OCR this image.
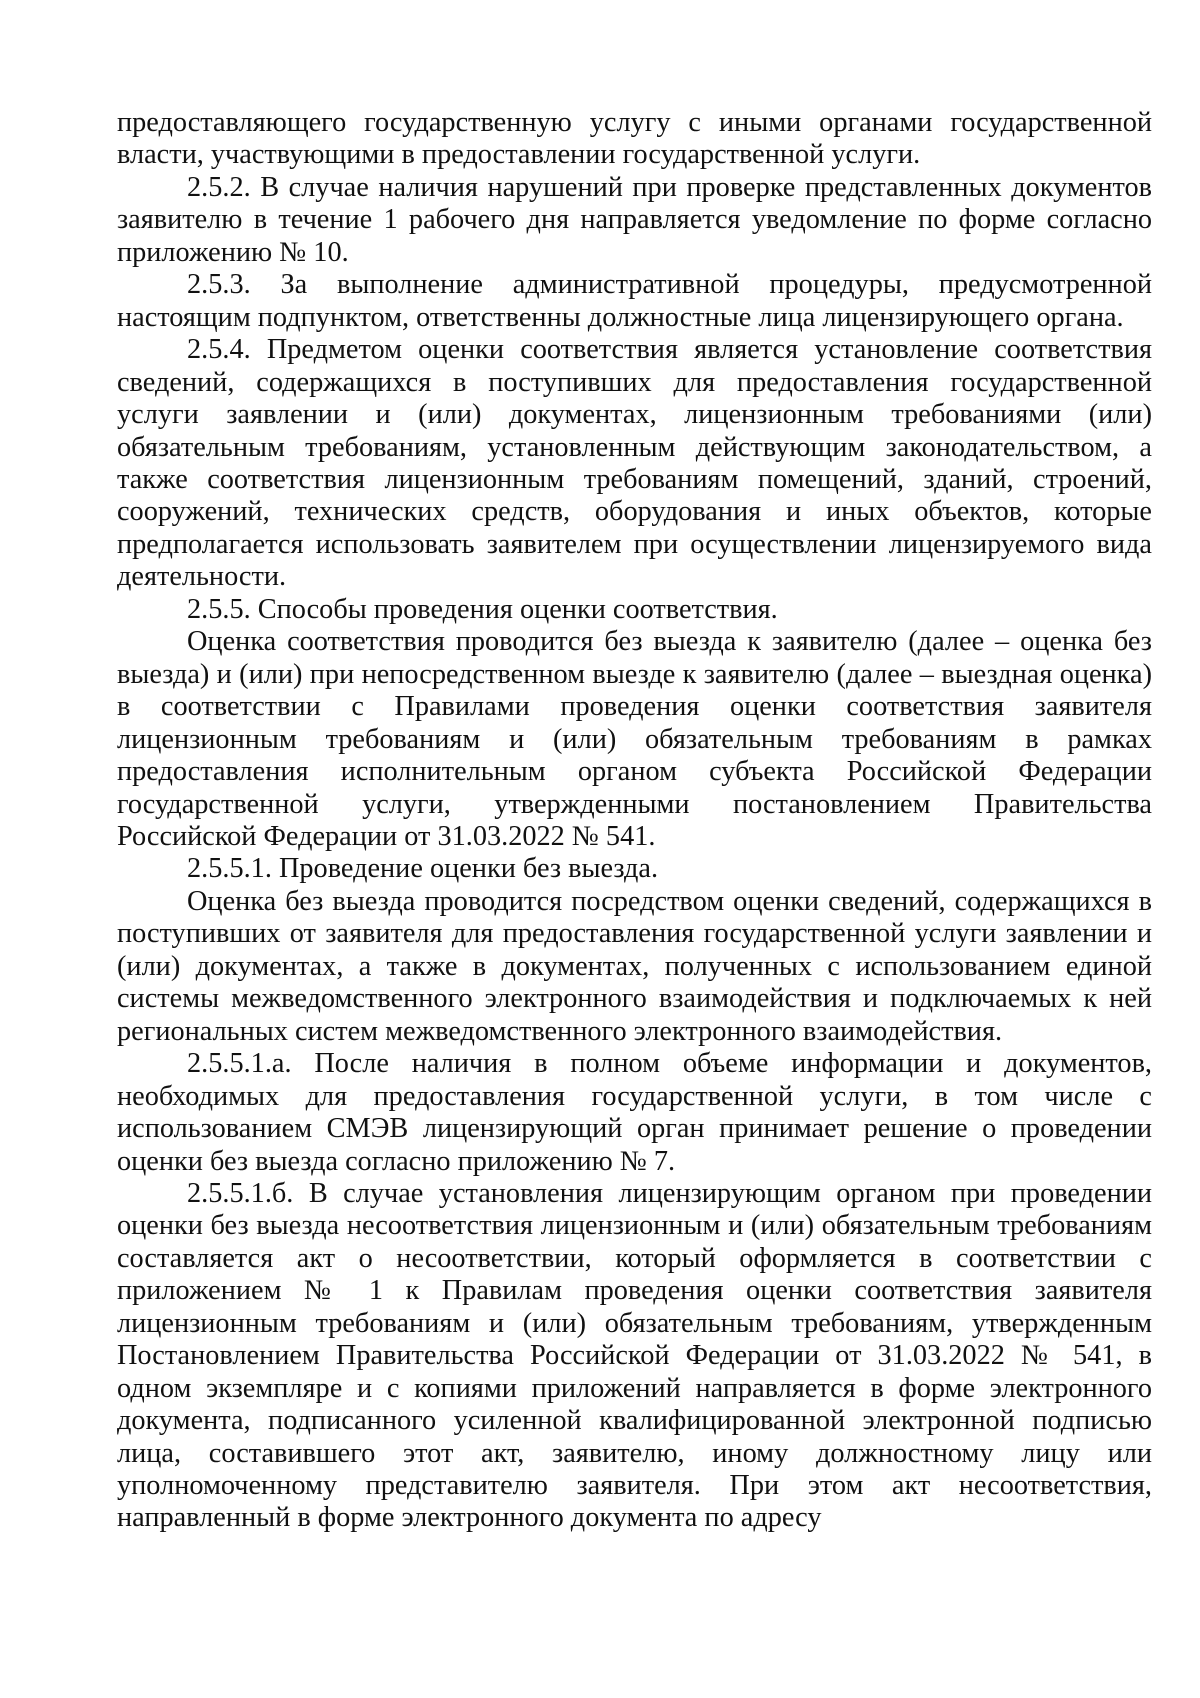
предоставляющего государственную услугу с иными органами государственной власти, участвующими в предоставлении государственной услуги.

2.5.2. В случае наличия нарушений при проверке представленных документов заявителю в течение 1 рабочего дня направляется уведомление по форме согласно приложению № 10.

2.5.3. За выполнение административной процедуры, предусмотренной настоящим подпунктом, ответственны должностные лица лицензирующего органа.

2.5.4. Предметом оценки соответствия является установление соответствия сведений, содержащихся в поступивших для предоставления государственной услуги заявлении и (или) документах, лицензионным требованиями (или) обязательным требованиям, установленным действующим законодательством, а также соответствия лицензионным требованиям помещений, зданий, строений, сооружений, технических средств, оборудования и иных объектов, которые предполагается использовать заявителем при осуществлении лицензируемого вида деятельности.

2.5.5. Способы проведения оценки соответствия.

Оценка соответствия проводится без выезда к заявителю (далее – оценка без выезда) и (или) при непосредственном выезде к заявителю (далее – выездная оценка) в соответствии с Правилами проведения оценки соответствия заявителя лицензионным требованиям и (или) обязательным требованиям в рамках предоставления исполнительным органом субъекта Российской Федерации государственной услуги, утвержденными постановлением Правительства Российской Федерации от 31.03.2022 № 541.

2.5.5.1. Проведение оценки без выезда.

Оценка без выезда проводится посредством оценки сведений, содержащихся в поступивших от заявителя для предоставления государственной услуги заявлении и (или) документах, а также в документах, полученных с использованием единой системы межведомственного электронного взаимодействия и подключаемых к ней региональных систем межведомственного электронного взаимодействия.

2.5.5.1.а. После наличия в полном объеме информации и документов, необходимых для предоставления государственной услуги, в том числе с использованием СМЭВ лицензирующий орган принимает решение о проведении оценки без выезда согласно приложению № 7.

2.5.5.1.б. В случае установления лицензирующим органом при проведении оценки без выезда несоответствия лицензионным и (или) обязательным требованиям составляется акт о несоответствии, который оформляется в соответствии с приложением № 1 к Правилам проведения оценки соответствия заявителя лицензионным требованиям и (или) обязательным требованиям, утвержденным Постановлением Правительства Российской Федерации от 31.03.2022 № 541, в одном экземпляре и с копиями приложений направляется в форме электронного документа, подписанного усиленной квалифицированной электронной подписью лица, составившего этот акт, заявителю, иному должностному лицу или уполномоченному представителю заявителя. При этом акт несоответствия, направленный в форме электронного документа по адресу
